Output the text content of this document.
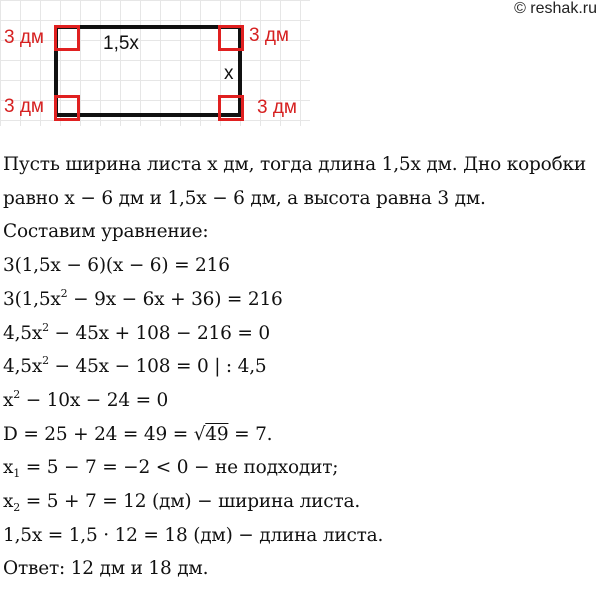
© reshak.ru
3 дм	3 дм
3 дм	3 дм
1,5x
x
Пусть ширина листа x дм, тогда длина 1,5x дм. Дно коробки
равно x − 6 дм и 1,5x − 6 дм, а высота равна 3 дм.
Составим уравнение:
3(1,5x − 6)(x − 6) = 216
$3(1,5x^2 - 9x - 6x + 36) = 216$
$4,5x^2 - 45x + 108 - 216 = 0$
$4,5x^2 - 45x - 108 = 0$ | : 4,5
$x^2 - 10x - 24 = 0$
D = 25 + 24 = 49 = √49 = 7.
$x_1 = 5 - 7 = -2 < 0$ − не подходит;
$x_2 = 5 + 7 = 12$ (дм) − ширина листа.
1,5x = 1,5 · 12 = 18 (дм) − длина листа.
Ответ: 12 дм и 18 дм.
